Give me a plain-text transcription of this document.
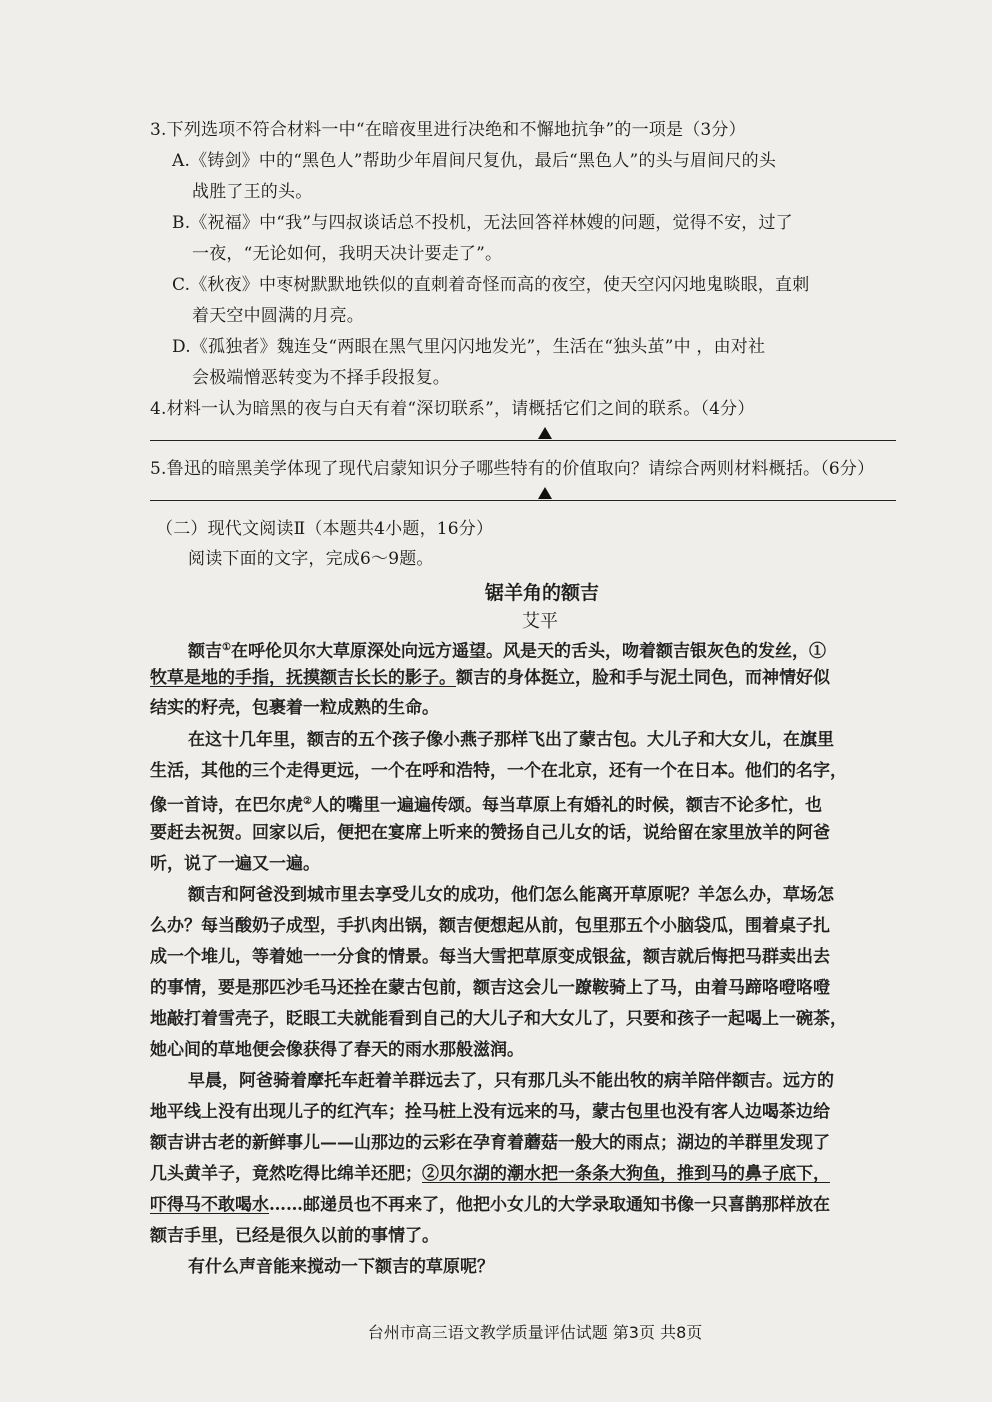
3.下列选项不符合材料一中“在暗夜里进行决绝和不懈地抗争”的一项是（3分）
A.《铸剑》中的“黑色人”帮助少年眉间尺复仇，最后“黑色人”的头与眉间尺的头
战胜了王的头。
B.《祝福》中“我”与四叔谈话总不投机，无法回答祥林嫂的问题，觉得不安，过了
一夜，“无论如何，我明天决计要走了”。
C.《秋夜》中枣树默默地铁似的直刺着奇怪而高的夜空，使天空闪闪地鬼睒眼，直刺
着天空中圆满的月亮。
D.《孤独者》魏连殳“两眼在黑气里闪闪地发光”，生活在“独头茧”中 ，由对社
会极端憎恶转变为不择手段报复。
4.材料一认为暗黑的夜与白天有着“深切联系”，请概括它们之间的联系。（4分）
5.鲁迅的暗黑美学体现了现代启蒙知识分子哪些特有的价值取向？请综合两则材料概括。（6分）
（二）现代文阅读Ⅱ（本题共4小题，16分）
阅读下面的文字，完成6～9题。
锯羊角的额吉
艾平
额吉①在呼伦贝尔大草原深处向远方遥望。风是天的舌头，吻着额吉银灰色的发丝，①
牧草是地的手指，抚摸额吉长长的影子。额吉的身体挺立，脸和手与泥土同色，而神情好似
结实的籽壳，包裹着一粒成熟的生命。
在这十几年里，额吉的五个孩子像小燕子那样飞出了蒙古包。大儿子和大女儿，在旗里
生活，其他的三个走得更远，一个在呼和浩特，一个在北京，还有一个在日本。他们的名字，
像一首诗，在巴尔虎②人的嘴里一遍遍传颂。每当草原上有婚礼的时候，额吉不论多忙，也
要赶去祝贺。回家以后，便把在宴席上听来的赞扬自己儿女的话，说给留在家里放羊的阿爸
听，说了一遍又一遍。
额吉和阿爸没到城市里去享受儿女的成功，他们怎么能离开草原呢？羊怎么办，草场怎
么办？每当酸奶子成型，手扒肉出锅，额吉便想起从前，包里那五个小脑袋瓜，围着桌子扎
成一个堆儿，等着她一一分食的情景。每当大雪把草原变成银盆，额吉就后悔把马群卖出去
的事情，要是那匹沙毛马还拴在蒙古包前，额吉这会儿一蹽鞍骑上了马，由着马蹄咯噔咯噔
地敲打着雪壳子，眨眼工夫就能看到自己的大儿子和大女儿了，只要和孩子一起喝上一碗茶，
她心间的草地便会像获得了春天的雨水那般滋润。
早晨，阿爸骑着摩托车赶着羊群远去了，只有那几头不能出牧的病羊陪伴额吉。远方的
地平线上没有出现儿子的红汽车；拴马桩上没有远来的马，蒙古包里也没有客人边喝茶边给
额吉讲古老的新鲜事儿——山那边的云彩在孕育着蘑菇一般大的雨点；湖边的羊群里发现了
几头黄羊子，竟然吃得比绵羊还肥；②贝尔湖的潮水把一条条大狗鱼，推到马的鼻子底下，
吓得马不敢喝水……邮递员也不再来了，他把小女儿的大学录取通知书像一只喜鹊那样放在
额吉手里，已经是很久以前的事情了。
有什么声音能来搅动一下额吉的草原呢？
台州市高三语文教学质量评估试题 第3页 共8页
